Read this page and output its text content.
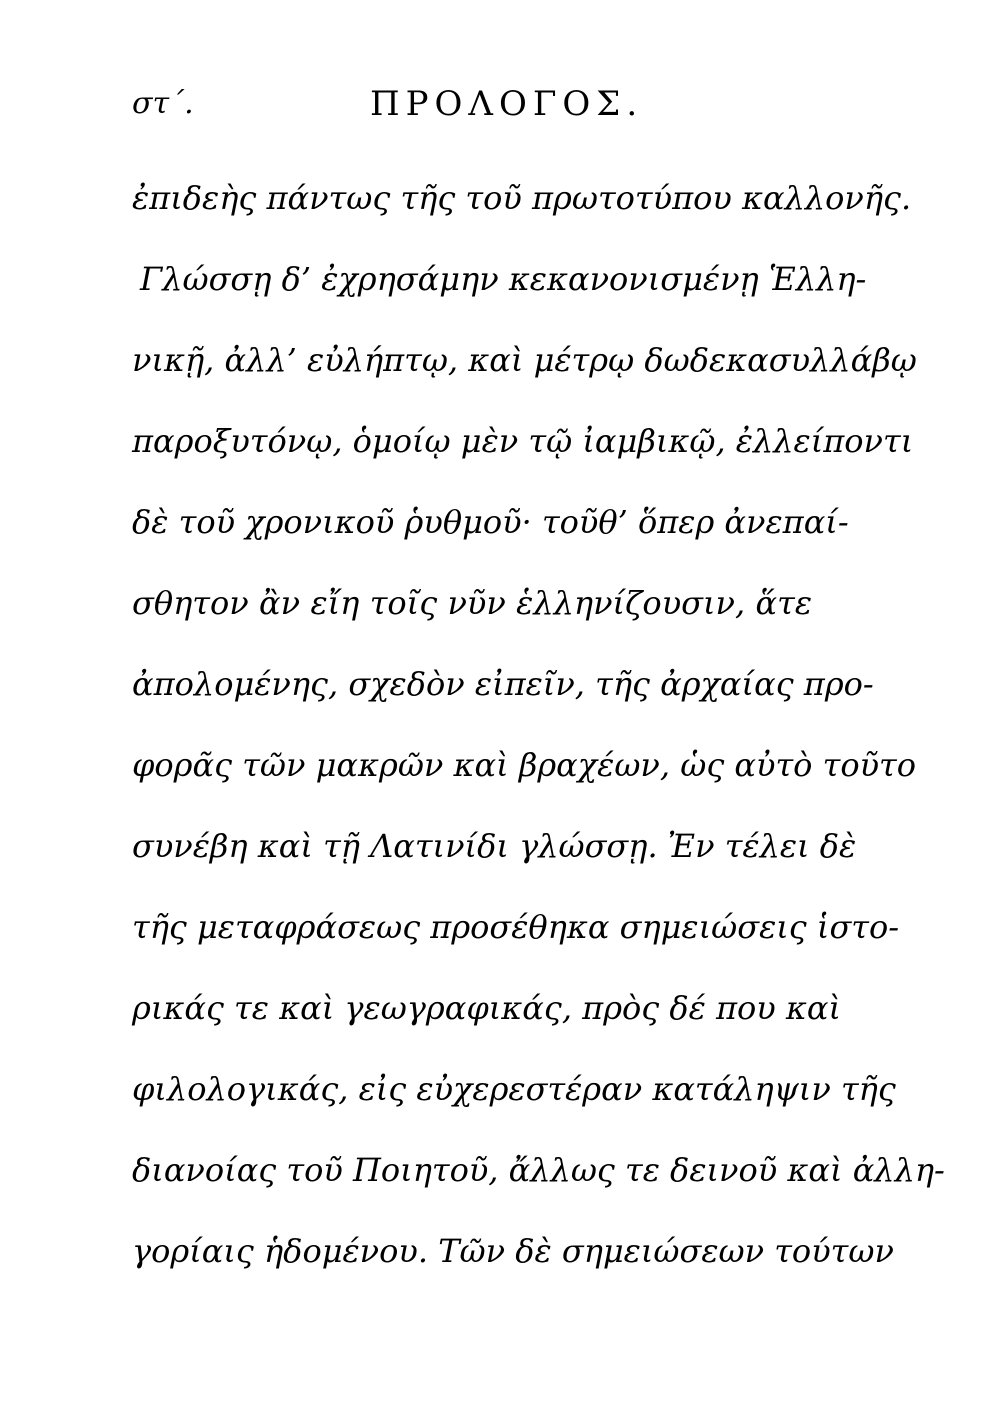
στ΄.	ΠΡΟΛΟΓΟΣ.
ἐπιδεὴς πάντως τῆς τοῦ πρωτοτύπου καλλονῆς.
Γλώσσῃ δ’ ἐχρησάμην κεκανονισμένῃ Ἑλλη-
νικῇ, ἀλλ’ εὐλήπτῳ, καὶ μέτρῳ δωδεκασυλλάβῳ
παροξυτόνῳ, ὁμοίῳ μὲν τῷ ἰαμβικῷ, ἐλλείποντι
δὲ τοῦ χρονικοῦ ῥυθμοῦ· τοῦθ’ ὅπερ ἀνεπαί-
σθητον ἂν εἴη τοῖς νῦν ἑλληνίζουσιν, ἅτε
ἀπολομένης, σχεδὸν εἰπεῖν, τῆς ἀρχαίας προ-
φορᾶς τῶν μακρῶν καὶ βραχέων, ὡς αὐτὸ τοῦτο
συνέβη καὶ τῇ Λατινίδι γλώσσῃ. Ἐν τέλει δὲ
τῆς μεταφράσεως προσέθηκα σημειώσεις ἱστο-
ρικάς τε καὶ γεωγραφικάς, πρὸς δέ που καὶ
φιλολογικάς, εἰς εὐχερεστέραν κατάληψιν τῆς
διανοίας τοῦ Ποιητοῦ, ἄλλως τε δεινοῦ καὶ ἀλλη-
γορίαις ἡδομένου. Τῶν δὲ σημειώσεων τούτων
